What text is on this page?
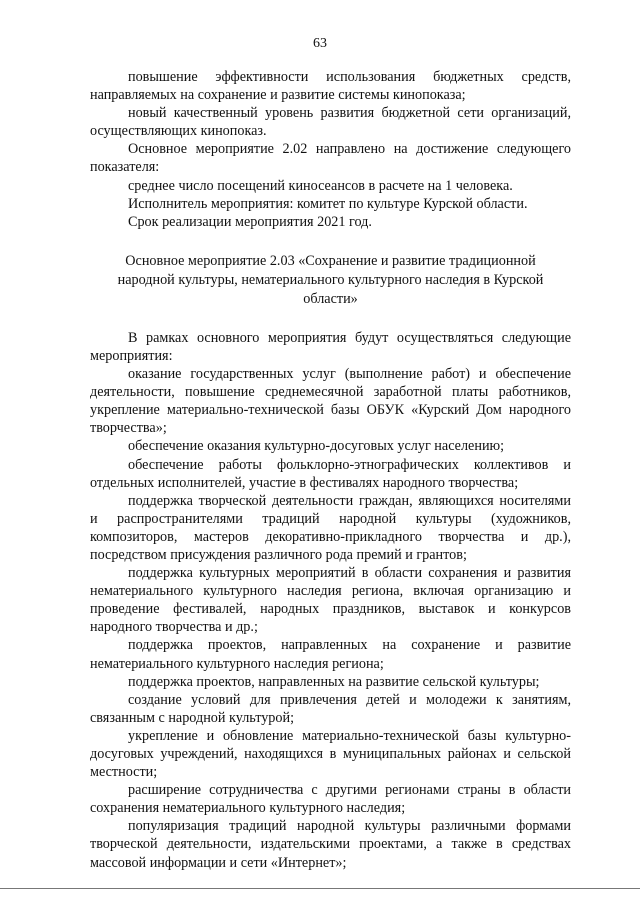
63

повышение эффективности использования бюджетных средств, направляемых на сохранение и развитие системы кинопоказа;

новый качественный уровень развития бюджетной сети организаций, осуществляющих кинопоказ.

Основное мероприятие 2.02 направлено на достижение следующего показателя:

среднее число посещений киносеансов в расчете на 1 человека.

Исполнитель мероприятия: комитет по культуре Курской области.

Срок реализации мероприятия 2021 год.

Основное мероприятие 2.03 «Сохранение и развитие традиционной народной культуры, нематериального культурного наследия в Курской области»

В рамках основного мероприятия будут осуществляться следующие мероприятия:

оказание государственных услуг (выполнение работ) и обеспечение деятельности, повышение среднемесячной заработной платы работников, укрепление материально-технической базы ОБУК «Курский Дом народного творчества»;

обеспечение оказания культурно-досуговых услуг населению;

обеспечение работы фольклорно-этнографических коллективов и отдельных исполнителей, участие в фестивалях народного творчества;

поддержка творческой деятельности граждан, являющихся носителями и распространителями традиций народной культуры (художников, композиторов, мастеров декоративно-прикладного творчества и др.), посредством присуждения различного рода премий и грантов;

поддержка культурных мероприятий в области сохранения и развития нематериального культурного наследия региона, включая организацию и проведение фестивалей, народных праздников, выставок и конкурсов народного творчества и др.;

поддержка проектов, направленных на сохранение и развитие нематериального культурного наследия региона;

поддержка проектов, направленных на развитие сельской культуры;

создание условий для привлечения детей и молодежи к занятиям, связанным с народной культурой;

укрепление и обновление материально-технической базы культурно-досуговых учреждений, находящихся в муниципальных районах и сельской местности;

расширение сотрудничества с другими регионами страны в области сохранения нематериального культурного наследия;

популяризация традиций народной культуры различными формами творческой деятельности, издательскими проектами, а также в средствах массовой информации и сети «Интернет»;
